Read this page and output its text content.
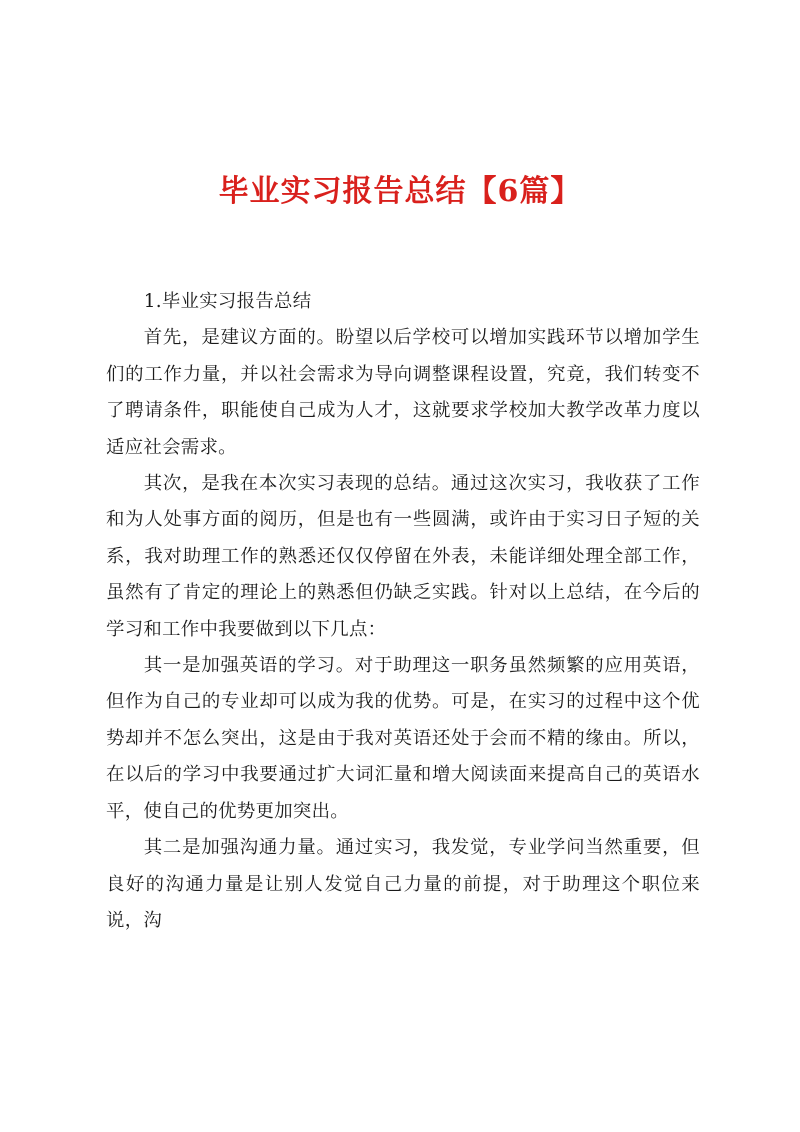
毕业实习报告总结【6篇】

1.毕业实习报告总结

首先，是建议方面的。盼望以后学校可以增加实践环节以增加学生们的工作力量，并以社会需求为导向调整课程设置，究竟，我们转变不了聘请条件，职能使自己成为人才，这就要求学校加大教学改革力度以适应社会需求。

其次，是我在本次实习表现的总结。通过这次实习，我收获了工作和为人处事方面的阅历，但是也有一些圆满，或许由于实习日子短的关系，我对助理工作的熟悉还仅仅停留在外表，未能详细处理全部工作，虽然有了肯定的理论上的熟悉但仍缺乏实践。针对以上总结，在今后的学习和工作中我要做到以下几点：

其一是加强英语的学习。对于助理这一职务虽然频繁的应用英语，但作为自己的专业却可以成为我的优势。可是，在实习的过程中这个优势却并不怎么突出，这是由于我对英语还处于会而不精的缘由。所以，在以后的学习中我要通过扩大词汇量和增大阅读面来提高自己的英语水平，使自己的优势更加突出。

其二是加强沟通力量。通过实习，我发觉，专业学问当然重要，但良好的沟通力量是让别人发觉自己力量的前提，对于助理这个职位来说，沟
